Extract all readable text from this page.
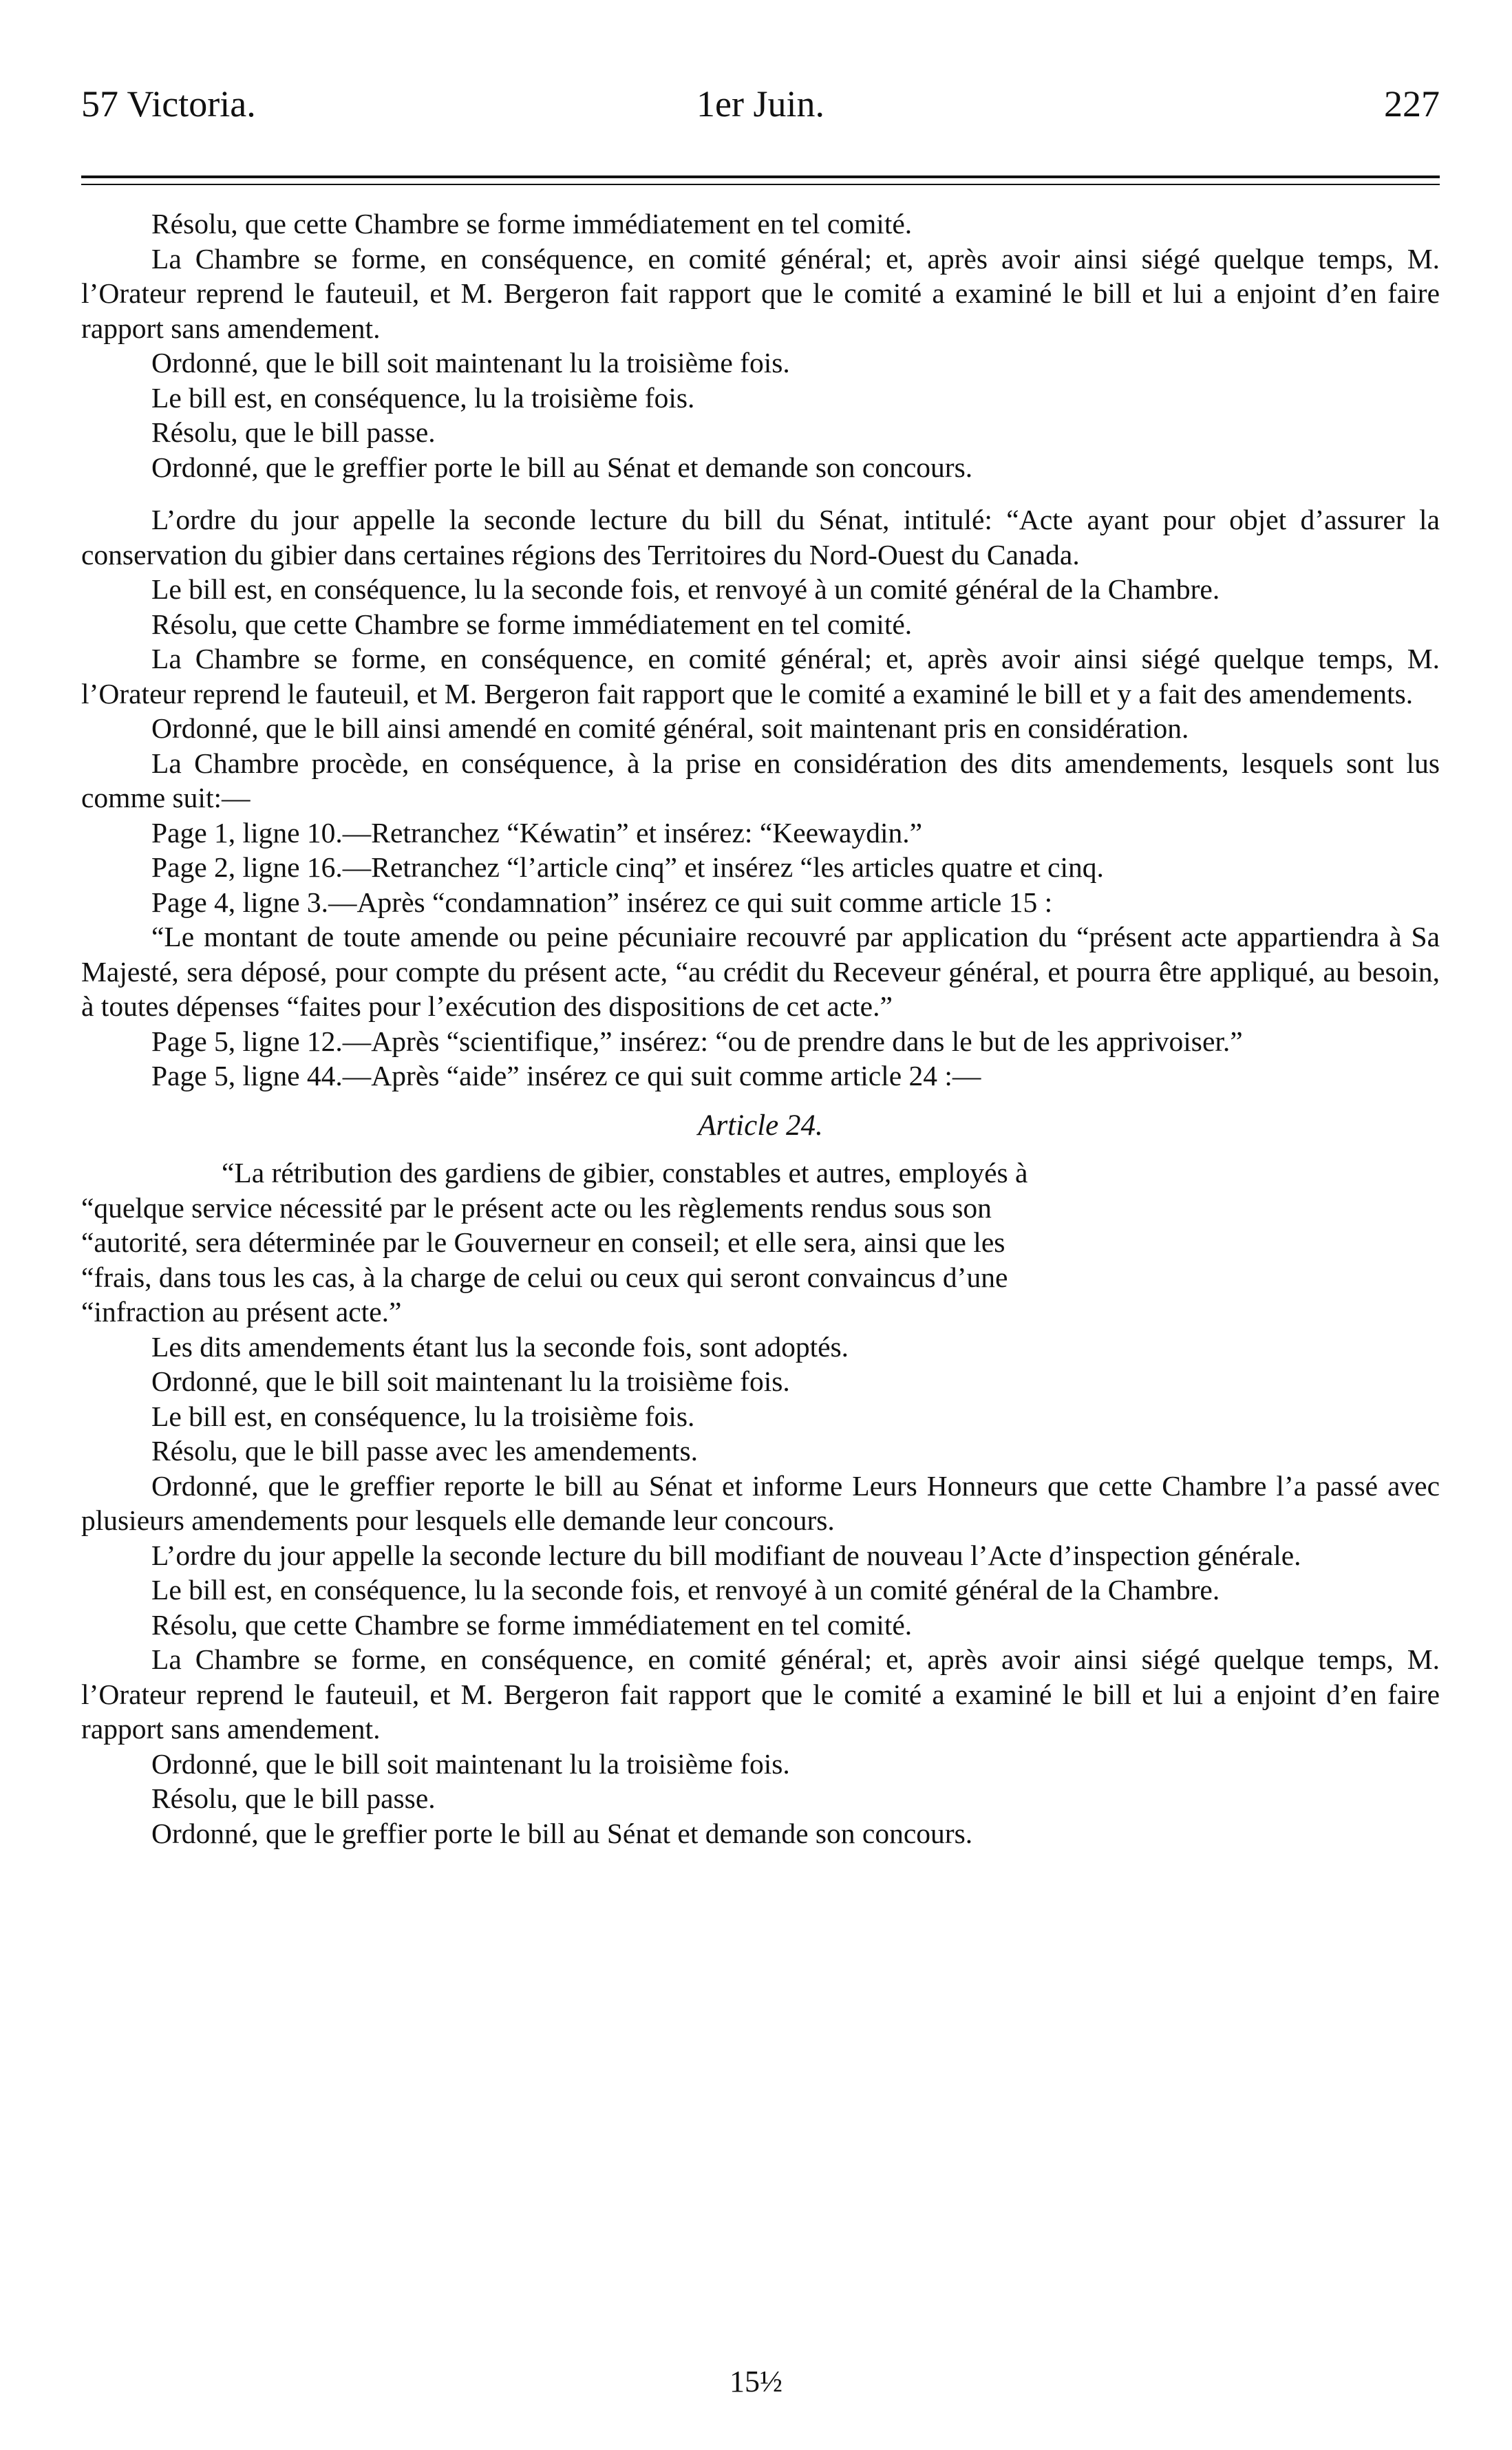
57 Victoria.	1er Juin.	227

Résolu, que cette Chambre se forme immédiatement en tel comité.

La Chambre se forme, en conséquence, en comité général; et, après avoir ainsi siégé quelque temps, M. l’Orateur reprend le fauteuil, et M. Bergeron fait rapport que le comité a examiné le bill et lui a enjoint d’en faire rapport sans amendement.

Ordonné, que le bill soit maintenant lu la troisième fois.

Le bill est, en conséquence, lu la troisième fois.

Résolu, que le bill passe.

Ordonné, que le greffier porte le bill au Sénat et demande son concours.

L’ordre du jour appelle la seconde lecture du bill du Sénat, intitulé: “Acte ayant pour objet d’assurer la conservation du gibier dans certaines régions des Territoires du Nord-Ouest du Canada.

Le bill est, en conséquence, lu la seconde fois, et renvoyé à un comité général de la Chambre.

Résolu, que cette Chambre se forme immédiatement en tel comité.

La Chambre se forme, en conséquence, en comité général; et, après avoir ainsi siégé quelque temps, M. l’Orateur reprend le fauteuil, et M. Bergeron fait rapport que le comité a examiné le bill et y a fait des amendements.

Ordonné, que le bill ainsi amendé en comité général, soit maintenant pris en considération.

La Chambre procède, en conséquence, à la prise en considération des dits amendements, lesquels sont lus comme suit:—

Page 1, ligne 10.—Retranchez “Kéwatin” et insérez: “Keewaydin.”

Page 2, ligne 16.—Retranchez “l’article cinq” et insérez “les articles quatre et cinq.

Page 4, ligne 3.—Après “condamnation” insérez ce qui suit comme article 15 :

“Le montant de toute amende ou peine pécuniaire recouvré par application du “présent acte appartiendra à Sa Majesté, sera déposé, pour compte du présent acte, “au crédit du Receveur général, et pourra être appliqué, au besoin, à toutes dépenses “faites pour l’exécution des dispositions de cet acte.”

Page 5, ligne 12.—Après “scientifique,” insérez: “ou de prendre dans le but de les apprivoiser.”

Page 5, ligne 44.—Après “aide” insérez ce qui suit comme article 24 :—

Article 24.

“La rétribution des gardiens de gibier, constables et autres, employés à

“quelque service nécessité par le présent acte ou les règlements rendus sous son

“autorité, sera déterminée par le Gouverneur en conseil; et elle sera, ainsi que les

“frais, dans tous les cas, à la charge de celui ou ceux qui seront convaincus d’une

“infraction au présent acte.”

Les dits amendements étant lus la seconde fois, sont adoptés.

Ordonné, que le bill soit maintenant lu la troisième fois.

Le bill est, en conséquence, lu la troisième fois.

Résolu, que le bill passe avec les amendements.

Ordonné, que le greffier reporte le bill au Sénat et informe Leurs Honneurs que cette Chambre l’a passé avec plusieurs amendements pour lesquels elle demande leur concours.

L’ordre du jour appelle la seconde lecture du bill modifiant de nouveau l’Acte d’inspection générale.

Le bill est, en conséquence, lu la seconde fois, et renvoyé à un comité général de la Chambre.

Résolu, que cette Chambre se forme immédiatement en tel comité.

La Chambre se forme, en conséquence, en comité général; et, après avoir ainsi siégé quelque temps, M. l’Orateur reprend le fauteuil, et M. Bergeron fait rapport que le comité a examiné le bill et lui a enjoint d’en faire rapport sans amendement.

Ordonné, que le bill soit maintenant lu la troisième fois.

Résolu, que le bill passe.

Ordonné, que le greffier porte le bill au Sénat et demande son concours.

15½
